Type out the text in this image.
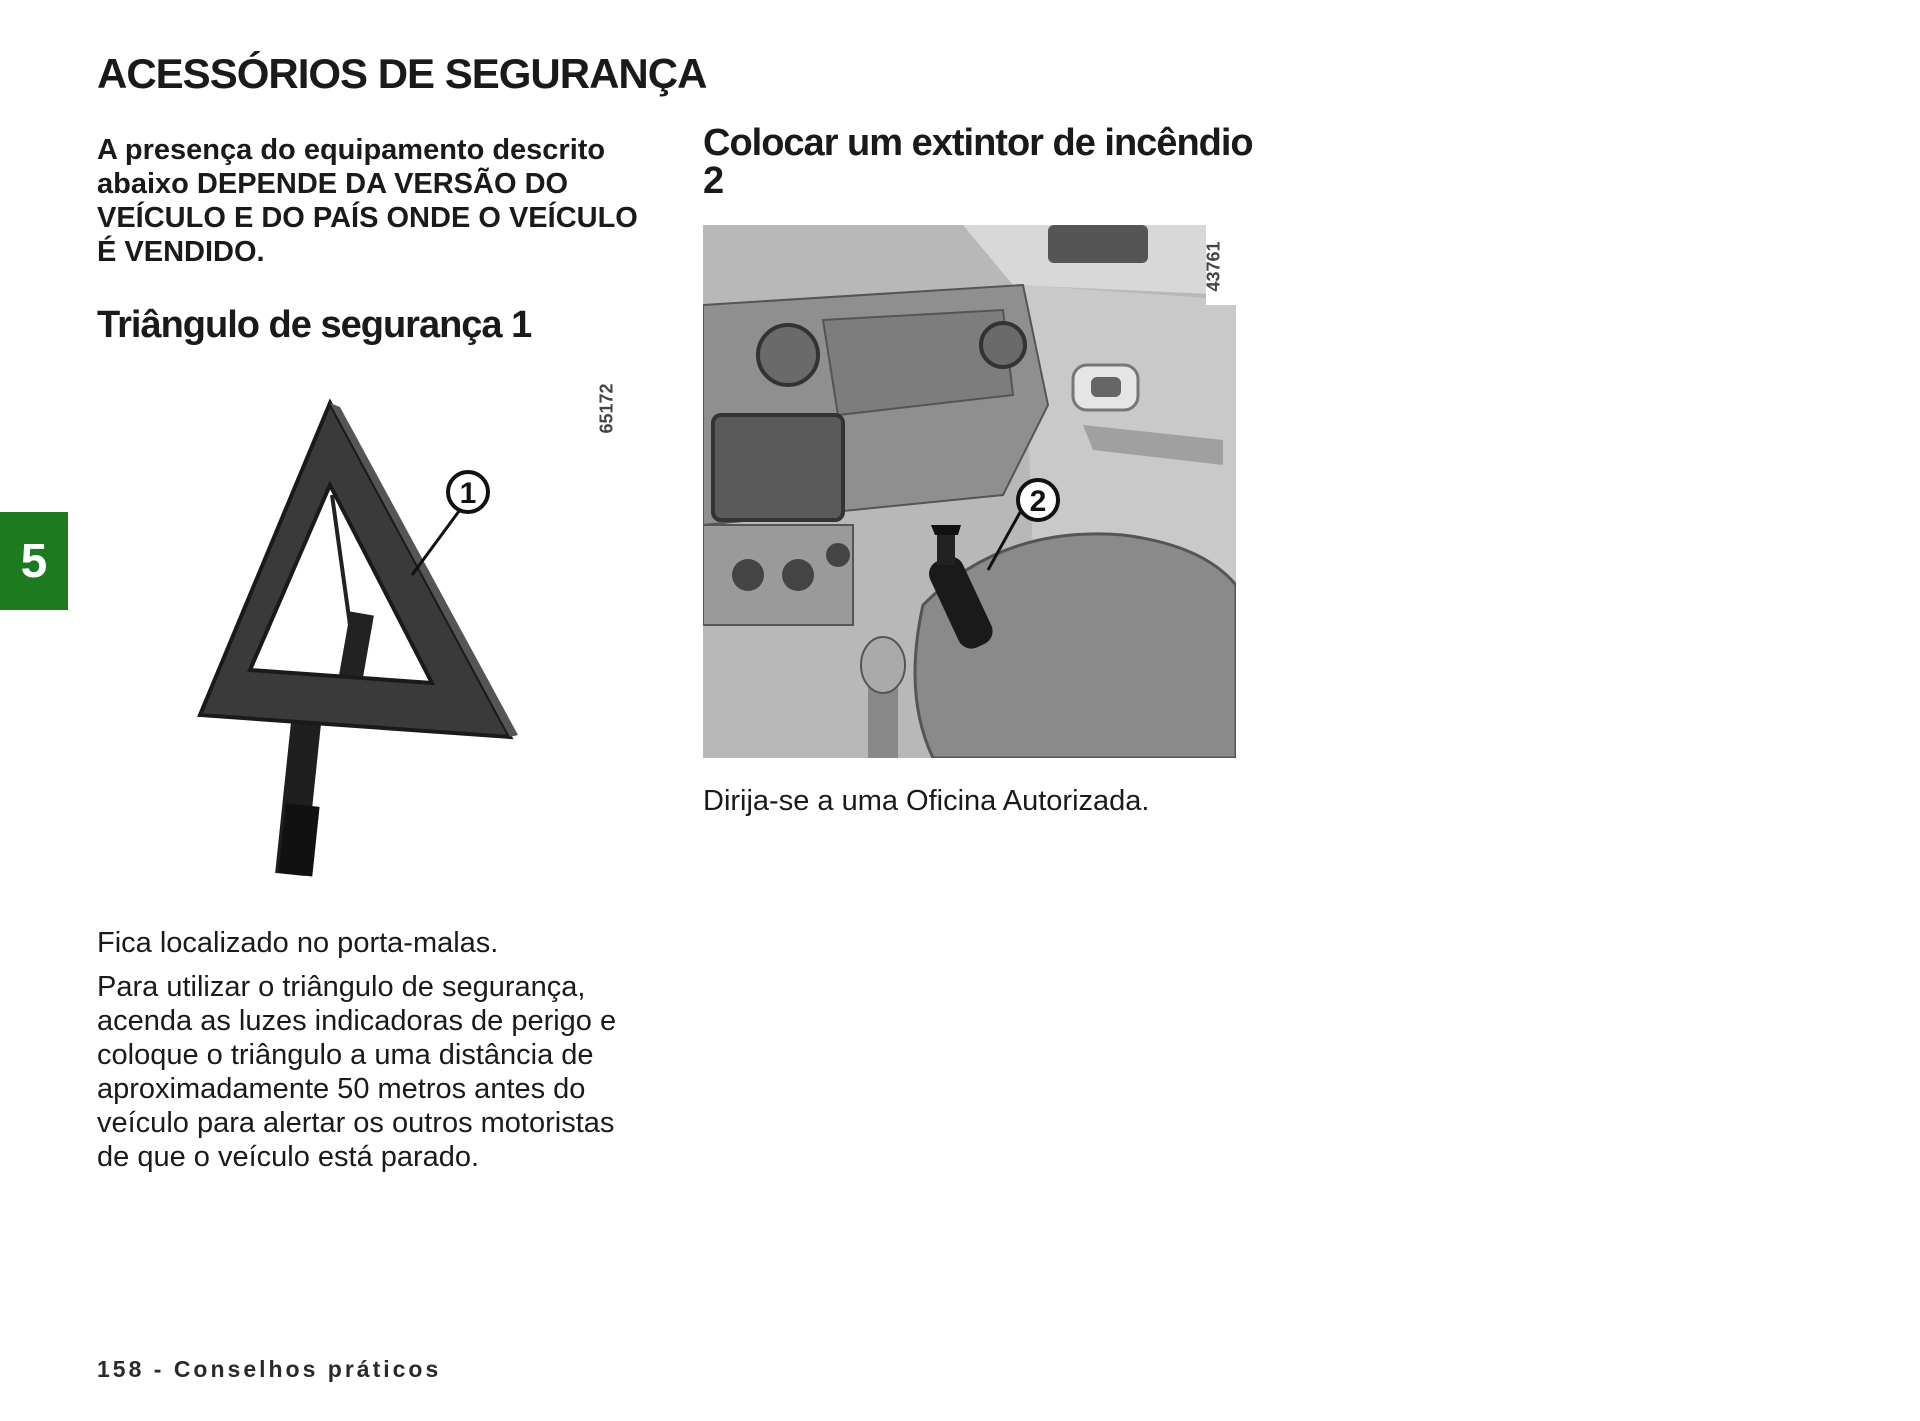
ACESSÓRIOS DE SEGURANÇA

A presença do equipamento descrito abaixo DEPENDE DA VERSÃO DO VEÍCULO E DO PAÍS ONDE O VEÍCULO É VENDIDO.

Triângulo de segurança 1
1
65172

Fica localizado no porta-malas.

Para utilizar o triângulo de segurança, acenda as luzes indicadoras de perigo e coloque o triângulo a uma distância de aproximadamente 50 metros antes do veículo para alertar os outros motoristas de que o veículo está parado.

Colocar um extintor de incêndio 2
2
43761

Dirija-se a uma Oficina Autorizada.

5

158 - Conselhos práticos
